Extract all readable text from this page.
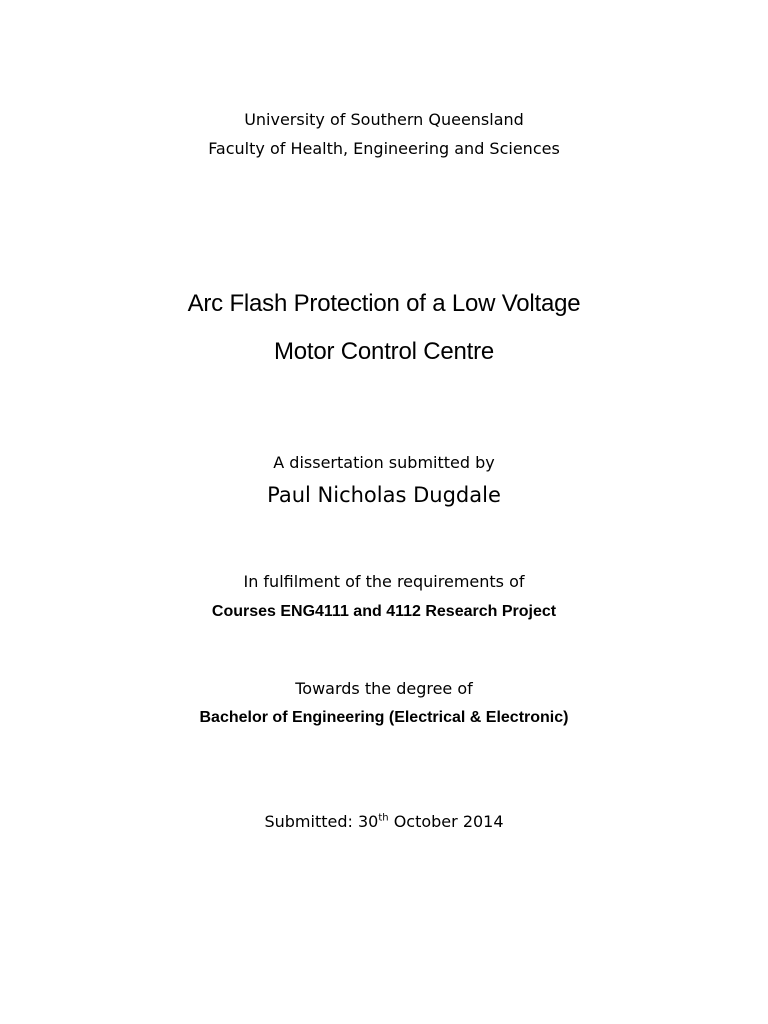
University of Southern Queensland
Faculty of Health, Engineering and Sciences
Arc Flash Protection of a Low Voltage
Motor Control Centre
A dissertation submitted by
Paul Nicholas Dugdale
In fulfilment of the requirements of
Courses ENG4111 and 4112 Research Project
Towards the degree of
Bachelor of Engineering (Electrical & Electronic)
Submitted: 30th October 2014
